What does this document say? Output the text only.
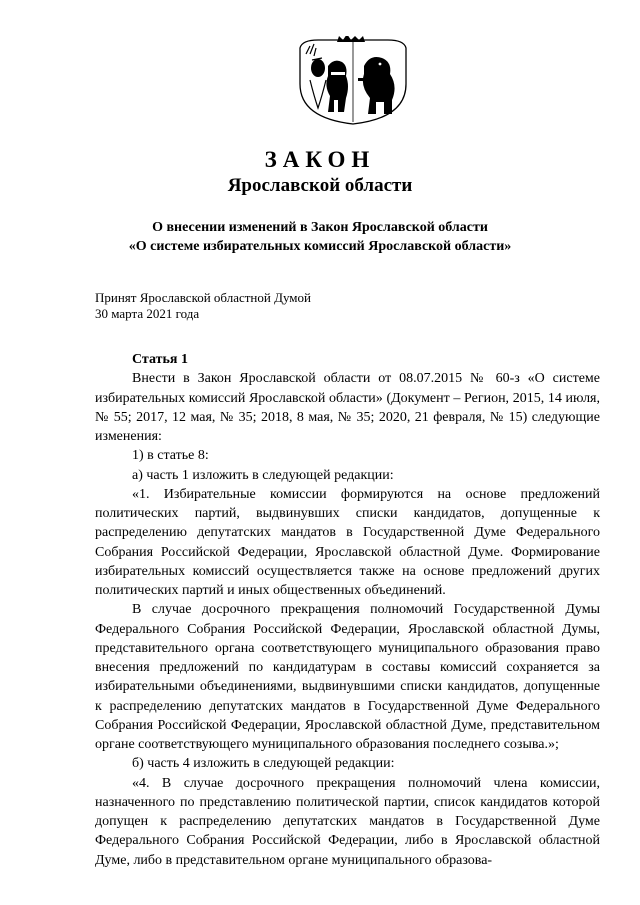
ЗАКОН
Ярославской области
О внесении изменений в Закон Ярославской области
«О системе избирательных комиссий Ярославской области»
Принят Ярославской областной Думой
30 марта 2021 года

Статья 1

Внести в Закон Ярославской области от 08.07.2015 № 60-з «О системе избирательных комиссий Ярославской области» (Документ – Регион, 2015, 14 июля, № 55; 2017, 12 мая, № 35; 2018, 8 мая, № 35; 2020, 21 февраля, № 15) следующие изменения:

1) в статье 8:

а) часть 1 изложить в следующей редакции:

«1. Избирательные комиссии формируются на основе предложений политических партий, выдвинувших списки кандидатов, допущенные к распределению депутатских мандатов в Государственной Думе Федерального Собрания Российской Федерации, Ярославской областной Думе. Формирование избирательных комиссий осуществляется также на основе предложений других политических партий и иных общественных объединений.

В случае досрочного прекращения полномочий Государственной Думы Федерального Собрания Российской Федерации, Ярославской областной Думы, представительного органа соответствующего муниципального образования право внесения предложений по кандидатурам в составы комиссий сохраняется за избирательными объединениями, выдвинувшими списки кандидатов, допущенные к распределению депутатских мандатов в Государственной Думе Федерального Собрания Российской Федерации, Ярославской областной Думе, представительном органе соответствующего муниципального образования последнего созыва.»;

б) часть 4 изложить в следующей редакции:

«4. В случае досрочного прекращения полномочий члена комиссии, назначенного по представлению политической партии, список кандидатов которой допущен к распределению депутатских мандатов в Государственной Думе Федерального Собрания Российской Федерации, либо в Ярославской областной Думе, либо в представительном органе муниципального образова-
